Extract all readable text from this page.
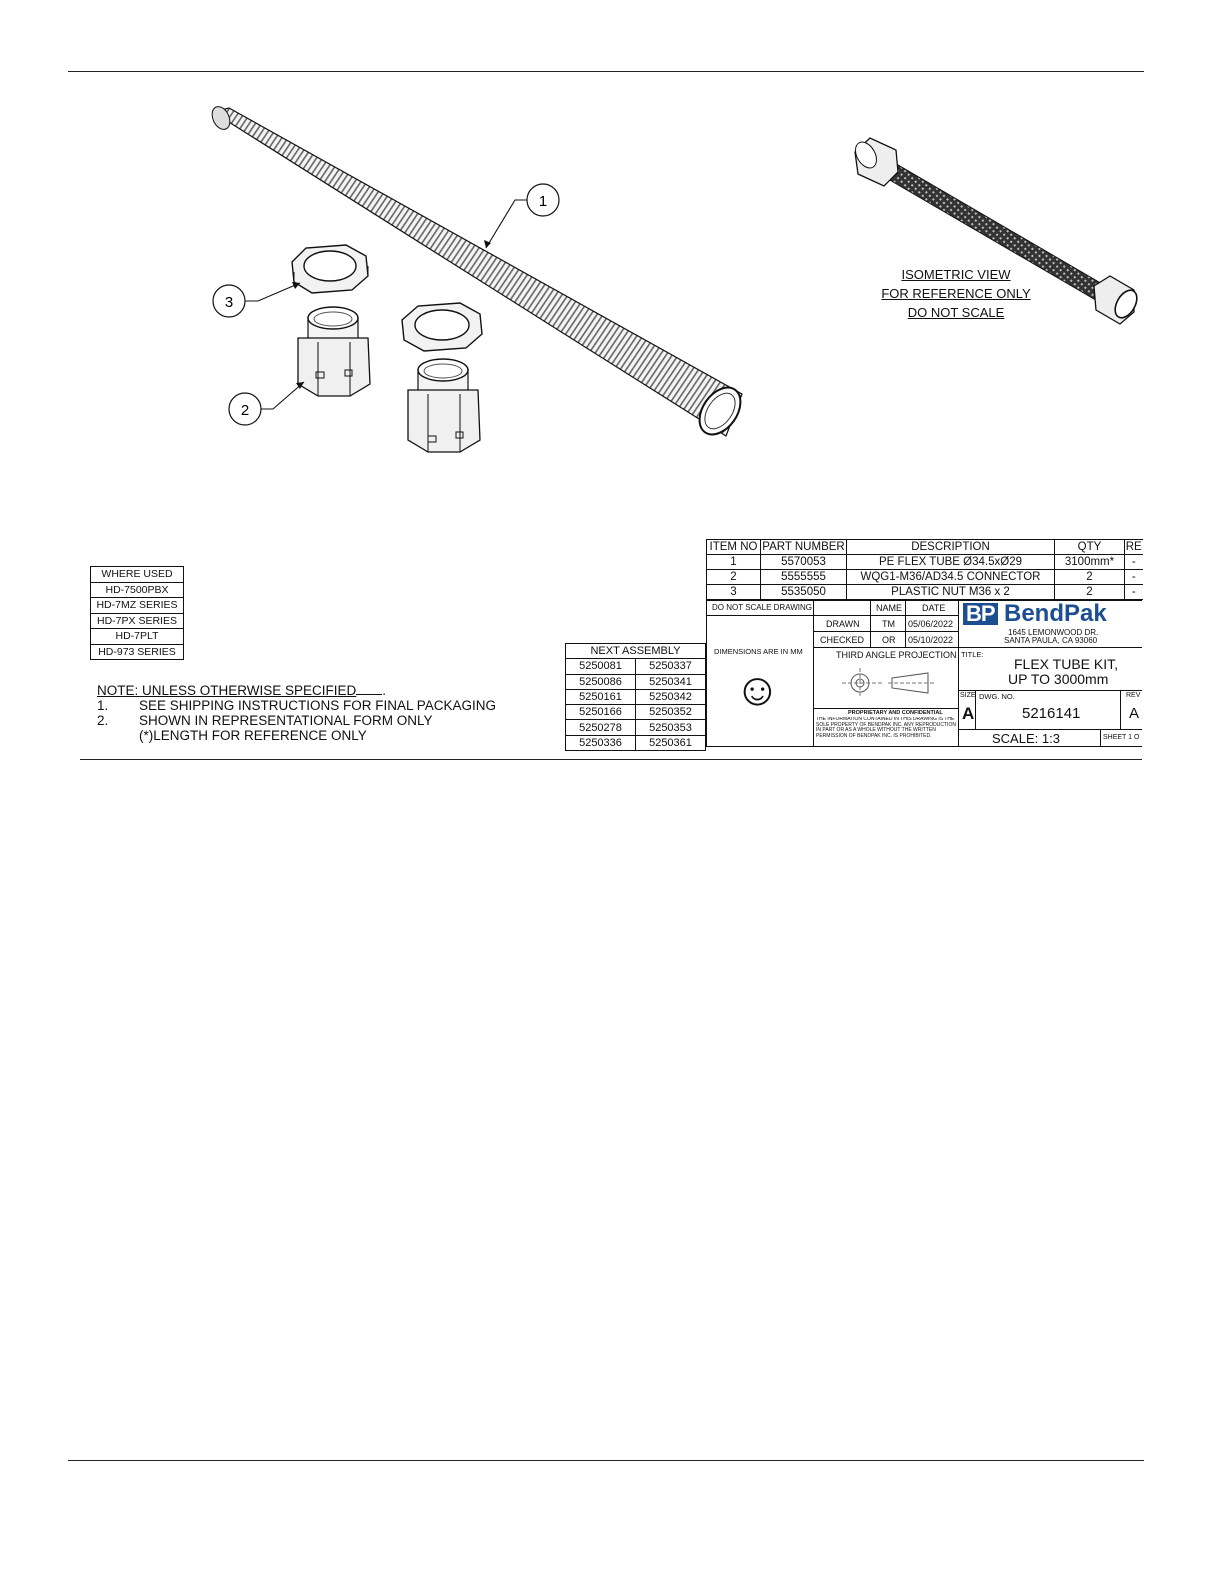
1
3
2
ISOMETRIC VIEW
FOR REFERENCE ONLY
DO NOT SCALE
WHERE USED
HD-7500PBX
HD-7MZ SERIES
HD-7PX SERIES
HD-7PLT
HD-973 SERIES
NOTE: UNLESS OTHERWISE SPECIFIED .
1.	SEE SHIPPING INSTRUCTIONS FOR FINAL PACKAGING
2.	SHOWN IN REPRESENTATIONAL FORM ONLY
(*)LENGTH FOR REFERENCE ONLY
NEXT ASSEMBLY	
5250081	5250337
5250086	5250341
5250161	5250342
5250166	5250352
5250278	5250353
5250336	5250361
ITEM NO	PART NUMBER	DESCRIPTION	QTY	RE
1	5570053	PE FLEX TUBE Ø34.5xØ29	3100mm*	-
2	5555555	WQG1-M36/AD34.5 CONNECTOR	2	-
3	5535050	PLASTIC NUT M36 x 2	2	-
DO NOT SCALE DRAWING
DIMENSIONS ARE IN MM
☺
NAME DATE
DRAWN TM 05/06/2022
CHECKED OR 05/10/2022
THIRD ANGLE PROJECTION
PROPRIETARY AND CONFIDENTIAL
THE INFORMATION CONTAINED IN THIS DRAWING IS THE SOLE PROPERTY OF BENDPAK INC. ANY REPRODUCTION IN PART OR AS A WHOLE WITHOUT THE WRITTEN PERMISSION OF BENDPAK INC. IS PROHIBITED.
BP BendPak
1645 LEMONWOOD DR.
SANTA PAULA, CA 93060
TITLE:
FLEX TUBE KIT,
UP TO 3000mm
SIZE
A
DWG. NO.
5216141
REV
A
SCALE: 1:3	SHEET 1 O
